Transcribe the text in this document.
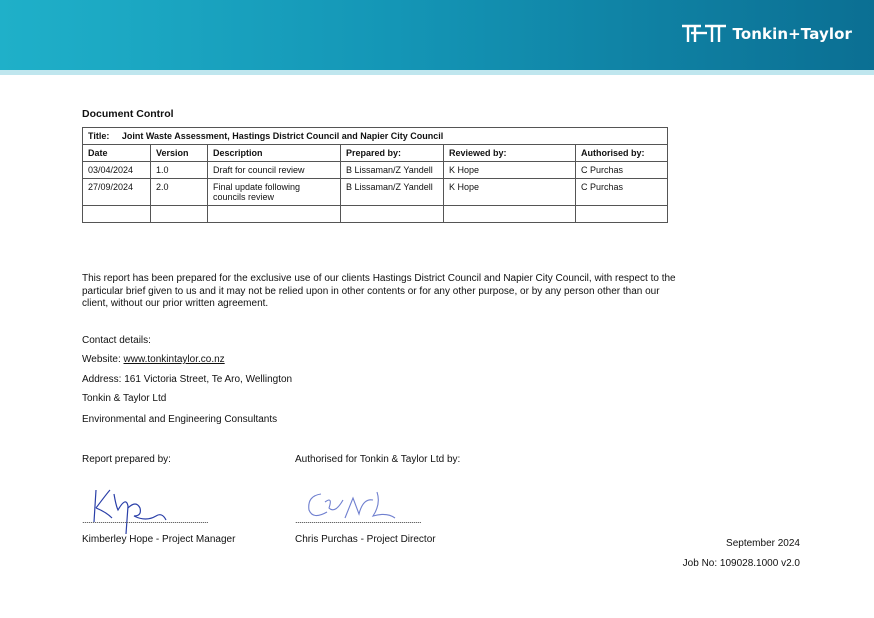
Tonkin+Taylor
Document Control
Title: Joint Waste Assessment, Hastings District Council and Napier City Council					
Date	Version	Description	Prepared by:	Reviewed by:	Authorised by:
03/04/2024	1.0	Draft for council review	B Lissaman/Z Yandell	K Hope	C Purchas
27/09/2024	2.0	Final update following councils review	B Lissaman/Z Yandell	K Hope	C Purchas

This report has been prepared for the exclusive use of our clients Hastings District Council and Napier City Council, with respect to the particular brief given to us and it may not be relied upon in other contents or for any other purpose, or by any person other than our client, without our prior written agreement.
Contact details:
Website: www.tonkintaylor.co.nz
Address: 161 Victoria Street, Te Aro, Wellington
Tonkin & Taylor Ltd
Environmental and Engineering Consultants
Report prepared by:	Authorised for Tonkin & Taylor Ltd by:
...............................................................	...............................................................
Kimberley Hope - Project Manager	Chris Purchas - Project Director	September 2024
Job No: 109028.1000 v2.0
